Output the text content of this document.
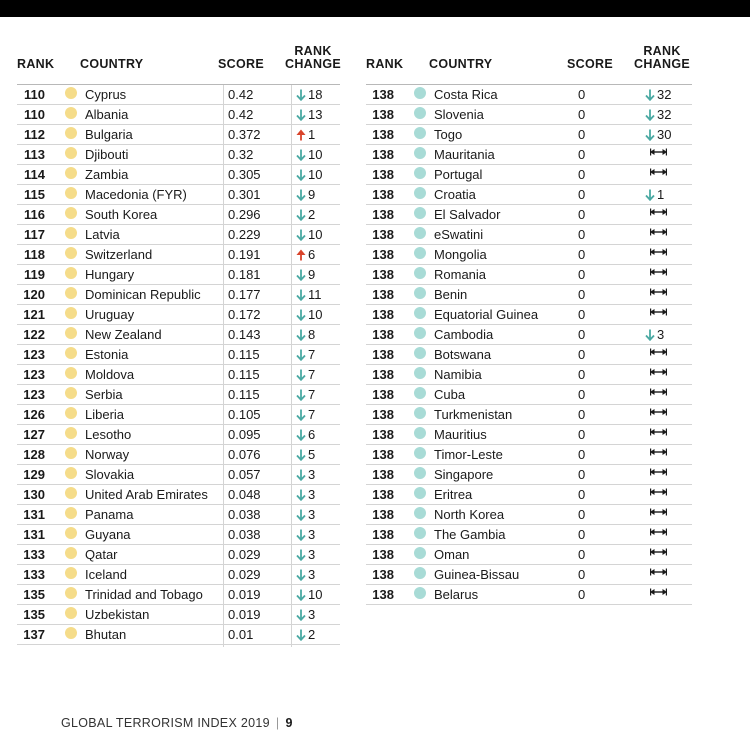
RANK COUNTRY	SCORE
RANK
CHANGE
110	Cyprus	0.42	18
110	Albania	0.42	13
112	Bulgaria	0.372	1
113	Djibouti	0.32	10
114	Zambia	0.305	10
115	Macedonia (FYR)	0.301	9
116	South Korea	0.296	2
117	Latvia	0.229	10
118	Switzerland	0.191	6
119	Hungary	0.181	9
120	Dominican Republic 0.177	11
121	Uruguay	0.172	10
122	New Zealand	0.143	8
123	Estonia	0.115	7
123	Moldova	0.115	7
123	Serbia	0.115	7
126	Liberia	0.105	7
127	Lesotho	0.095	6
128	Norway	0.076	5
129	Slovakia	0.057	3
130	United Arab Emirates 0.048	3
131	Panama	0.038	3
131	Guyana	0.038	3
133	Qatar	0.029	3
133	Iceland	0.029	3
135	Trinidad and Tobago 0.019	10
135	Uzbekistan	0.019	3
137	Bhutan	0.01	2
RANK COUNTRY	SCORE
RANK
CHANGE
138	Costa Rica	0	32
138	Slovenia	0	32
138	Togo	0	30
138	Mauritania	0
138	Portugal	0
138	Croatia	0	1
138	El Salvador	0
138	eSwatini	0
138	Mongolia	0
138	Romania	0
138	Benin	0
138	Equatorial Guinea	0
138	Cambodia	0	3
138	Botswana	0
138	Namibia	0
138	Cuba	0
138	Turkmenistan	0
138	Mauritius	0
138	Timor-Leste	0
138	Singapore	0
138	Eritrea	0
138	North Korea	0
138	The Gambia	0
138	Oman	0
138	Guinea-Bissau	0
138	Belarus	0
GLOBAL TERRORISM INDEX 2019 | 9
